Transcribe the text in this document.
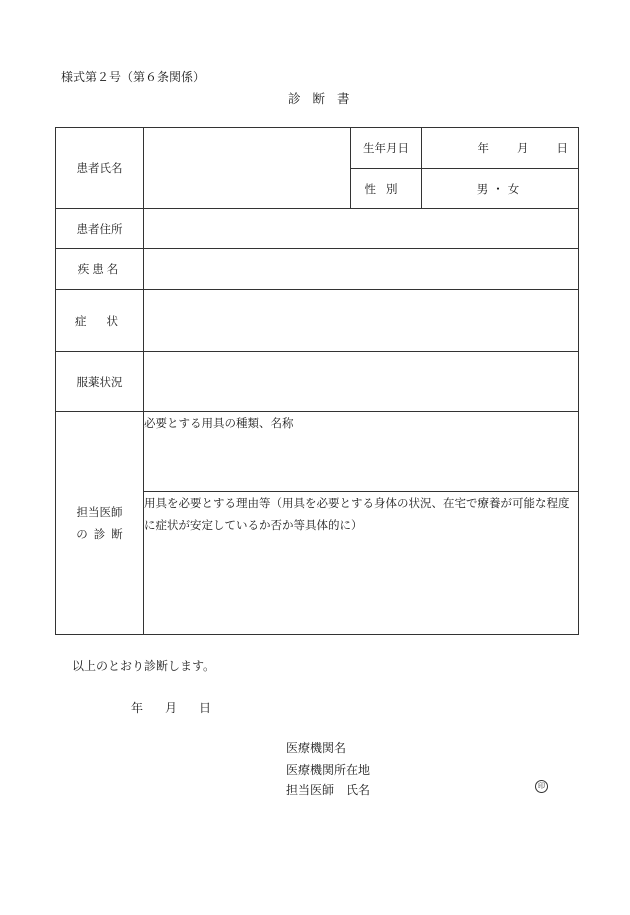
様式第２号（第６条関係）
診断書
患者氏名		生年月日	年 月 日
		性別	男・女
患者住所			
疾患名			
症状			
服薬状況			

担当医師
の診断	必要とする用具の種類、名称		
	用具を必要とする理由等（用具を必要とする身体の状況、在宅で療養が可能な程度に症状が安定しているか否か等具体的に）		
以上のとおり診断します。
年 月 日
医療機関名
医療機関所在地
担当医師 氏名	印
